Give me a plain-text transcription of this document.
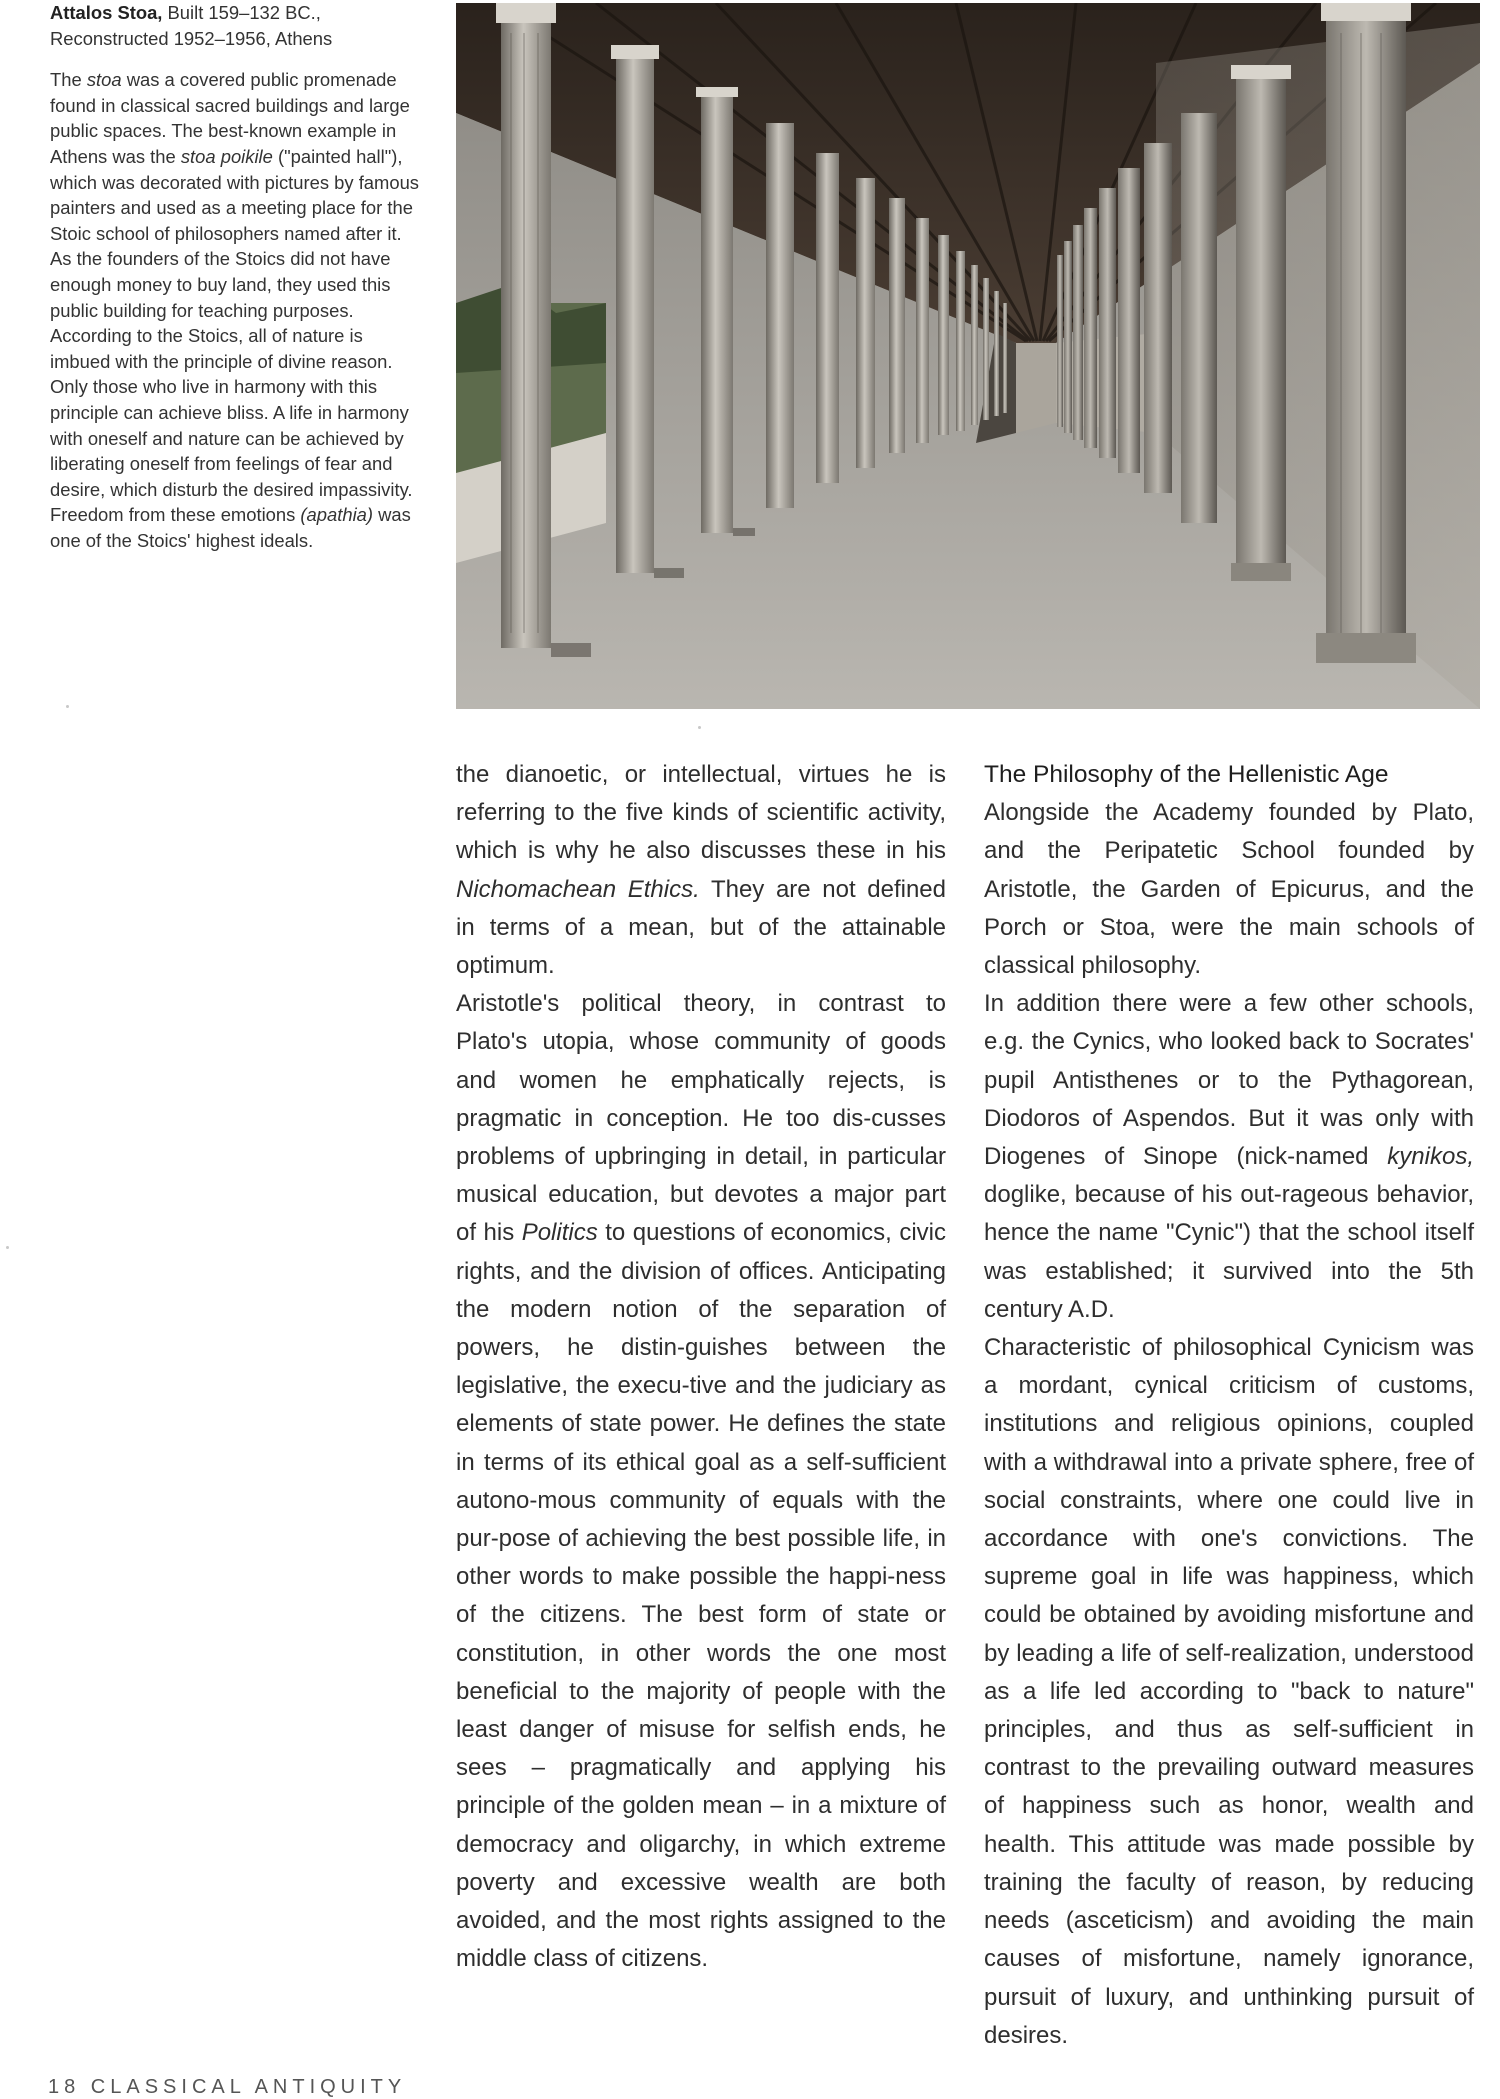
Attalos Stoa, Built 159–132 BC.,
Reconstructed 1952–1956, Athens

The stoa was a covered public promenade found in classical sacred buildings and large public spaces. The best-known example in Athens was the stoa poikile ("painted hall"), which was decorated with pictures by famous painters and used as a meeting place for the Stoic school of philosophers named after it. As the founders of the Stoics did not have enough money to buy land, they used this public building for teaching purposes.

According to the Stoics, all of nature is imbued with the principle of divine reason. Only those who live in harmony with this principle can achieve bliss. A life in harmony with oneself and nature can be achieved by liberating oneself from feelings of fear and desire, which disturb the desired impassivity. Freedom from these emotions (apathia) was one of the Stoics' highest ideals.

the dianoetic, or intellectual, virtues he is referring to the five kinds of scientific activity, which is why he also discusses these in his Nichomachean Ethics. They are not defined in terms of a mean, but of the attainable optimum.

Aristotle's political theory, in contrast to Plato's utopia, whose community of goods and women he emphatically rejects, is pragmatic in conception. He too dis-cusses problems of upbringing in detail, in particular musical education, but devotes a major part of his Politics to questions of economics, civic rights, and the division of offices. Anticipating the modern notion of the separation of powers, he distin-guishes between the legislative, the execu-tive and the judiciary as elements of state power. He defines the state in terms of its ethical goal as a self-sufficient autono-mous community of equals with the pur-pose of achieving the best possible life, in other words to make possible the happi-ness of the citizens. The best form of state or constitution, in other words the one most beneficial to the majority of people with the least danger of misuse for selfish ends, he sees – pragmatically and applying his principle of the golden mean – in a mixture of democracy and oligarchy, in which extreme poverty and excessive wealth are both avoided, and the most rights assigned to the middle class of citizens.

The Philosophy of the Hellenistic Age

Alongside the Academy founded by Plato, and the Peripatetic School founded by Aristotle, the Garden of Epicurus, and the Porch or Stoa, were the main schools of classical philosophy.

In addition there were a few other schools, e.g. the Cynics, who looked back to Socrates' pupil Antisthenes or to the Pythagorean, Diodoros of Aspendos. But it was only with Diogenes of Sinope (nick-named kynikos, doglike, because of his out-rageous behavior, hence the name "Cynic") that the school itself was established; it survived into the 5th century A.D.

Characteristic of philosophical Cynicism was a mordant, cynical criticism of customs, institutions and religious opinions, coupled with a withdrawal into a private sphere, free of social constraints, where one could live in accordance with one's convictions. The supreme goal in life was happiness, which could be obtained by avoiding misfortune and by leading a life of self-realization, understood as a life led according to "back to nature" principles, and thus as self-sufficient in contrast to the prevailing outward measures of happiness such as honor, wealth and health. This attitude was made possible by training the faculty of reason, by reducing needs (asceticism) and avoiding the main causes of misfortune, namely ignorance, pursuit of luxury, and unthinking pursuit of desires.

18 CLASSICAL ANTIQUITY
